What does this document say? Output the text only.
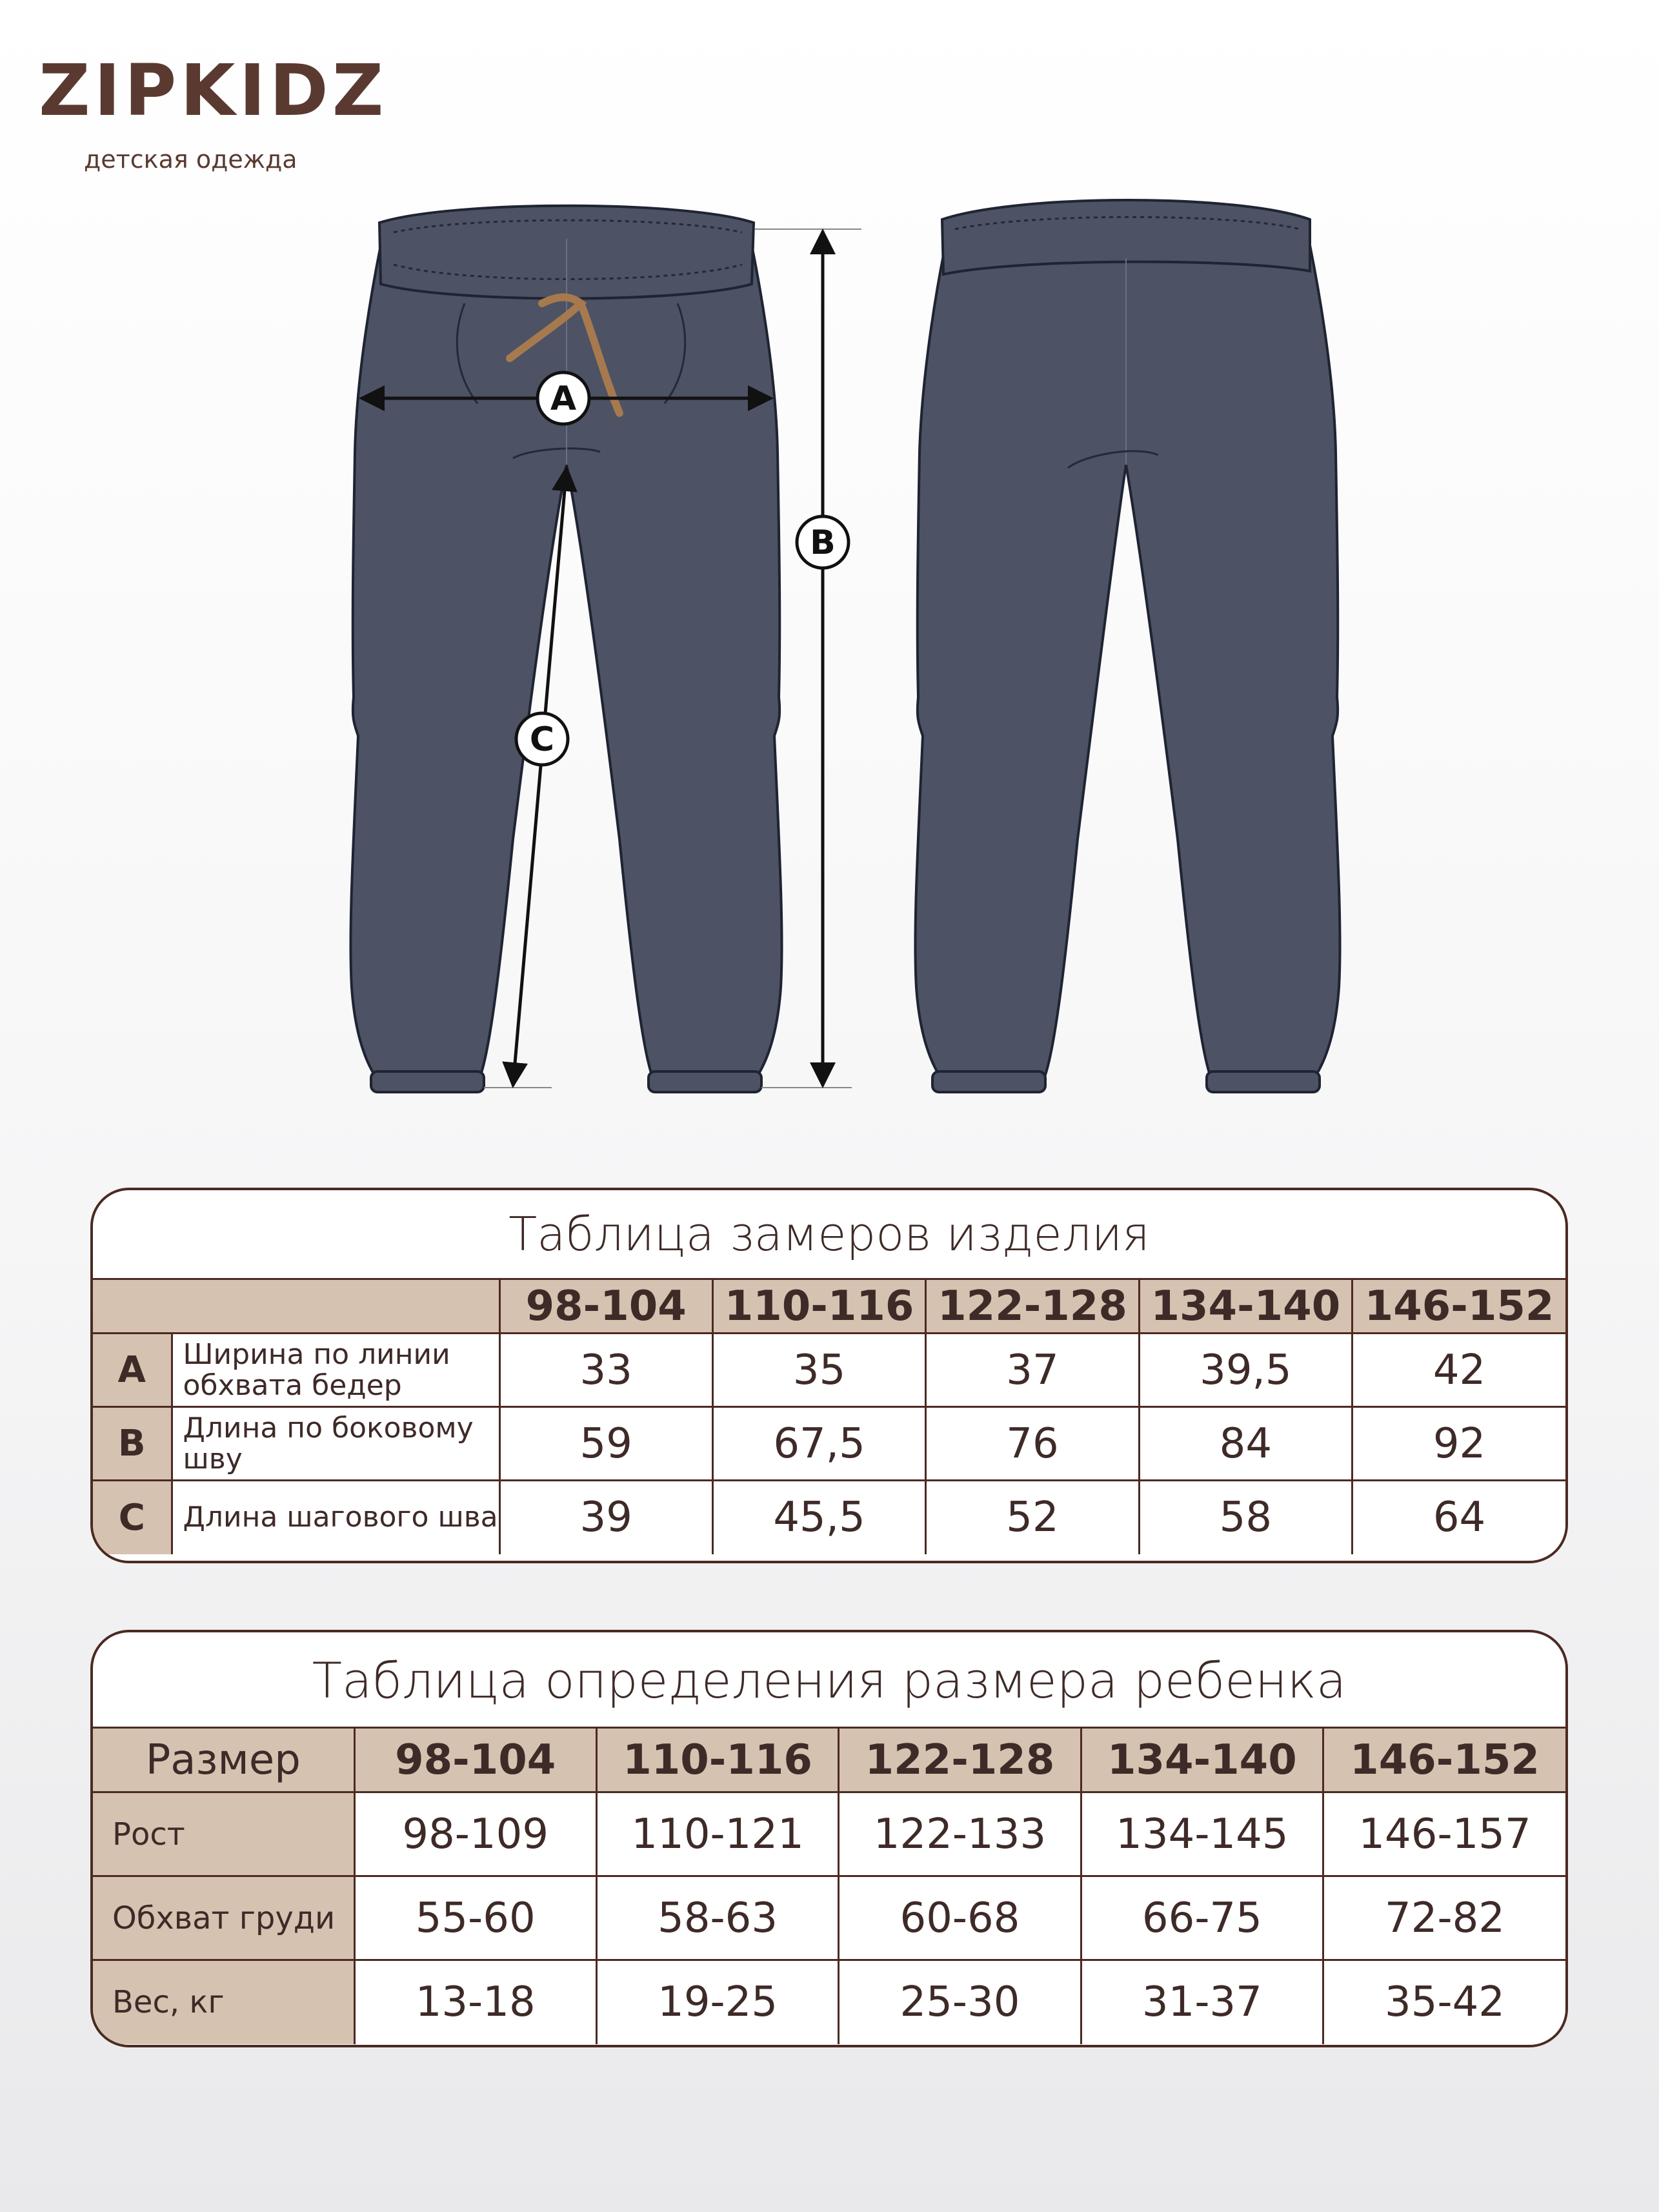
ZIPKIDZ
детская одежда
A
B
C
Таблица замеров изделия
		98-104	110-116	122-128	134-140	146-152
A	Ширина по линии обхвата бедер	33	35	37	39,5	42
B	Длина по боковому шву	59	67,5	76	84	92
C	Длина шагового шва	39	45,5	52	58	64
Таблица определения размера ребенка
Размер	98-104	110-116	122-128	134-140	146-152
Рост	98-109	110-121	122-133	134-145	146-157
Обхват груди	55-60	58-63	60-68	66-75	72-82
Вес, кг	13-18	19-25	25-30	31-37	35-42
